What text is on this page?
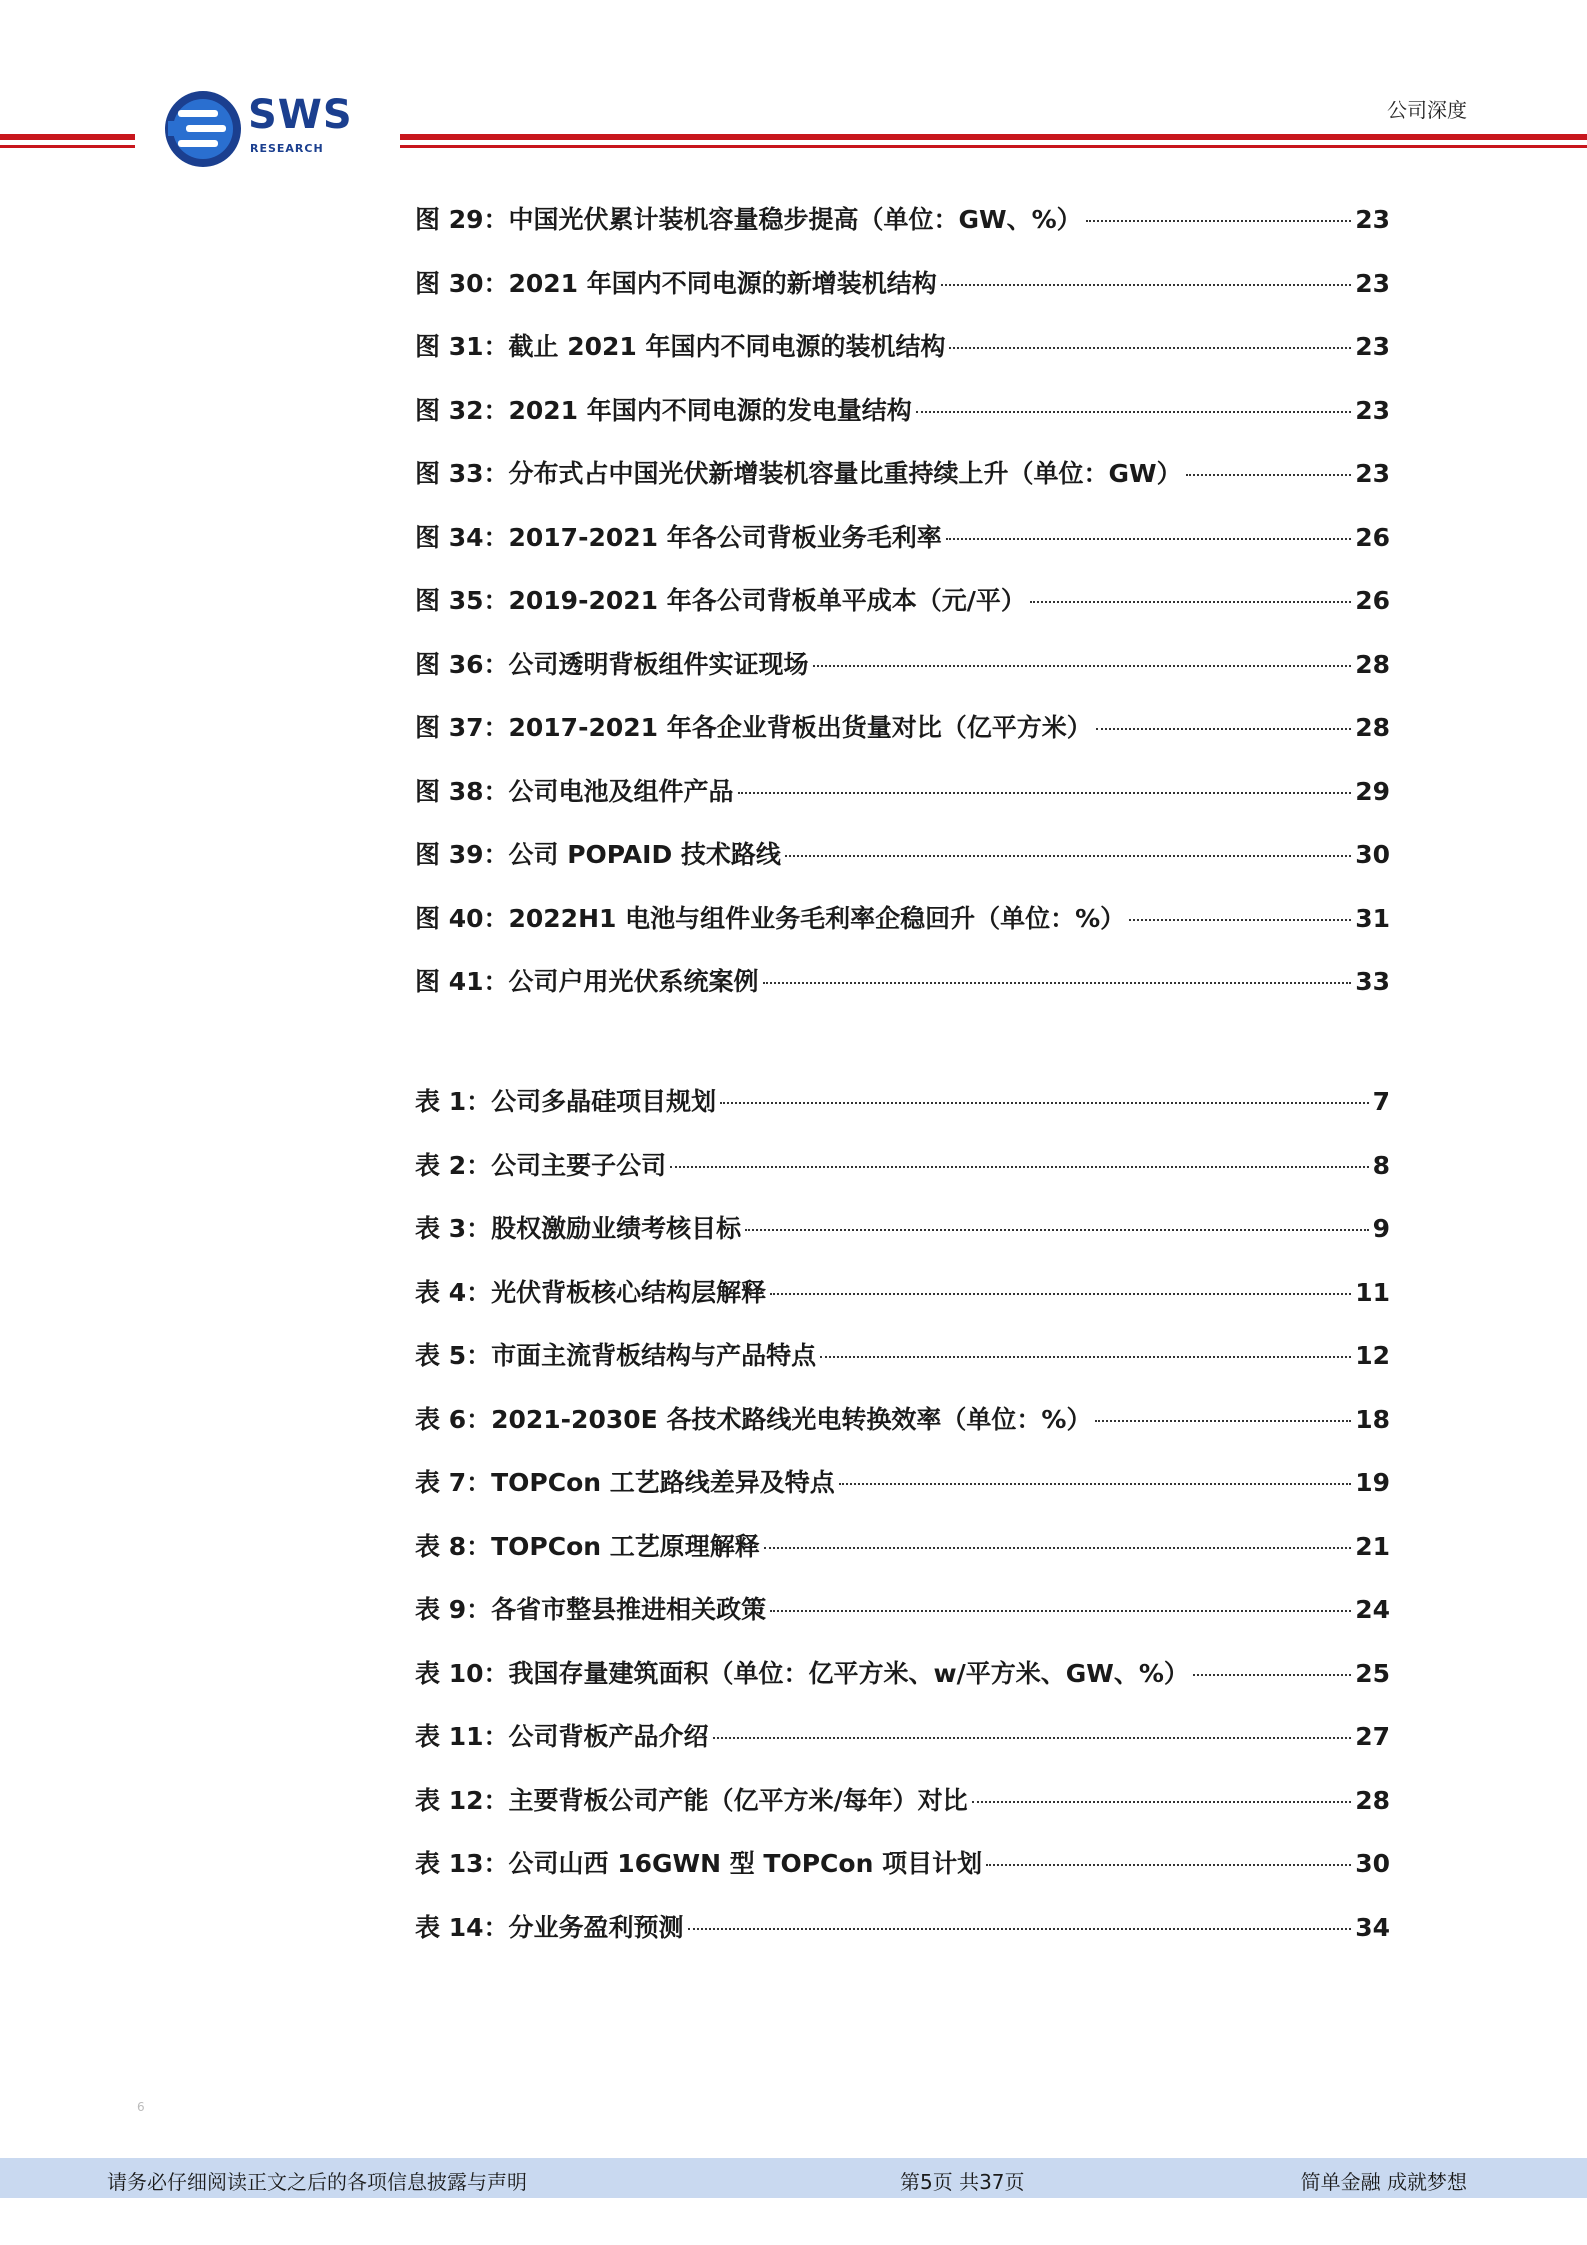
SWS
RESEARCH
公司深度
图 29：中国光伏累计装机容量稳步提高（单位：GW、%）	23
图 30：2021 年国内不同电源的新增装机结构	23
图 31：截止 2021 年国内不同电源的装机结构	23
图 32：2021 年国内不同电源的发电量结构	23
图 33：分布式占中国光伏新增装机容量比重持续上升（单位：GW）	23
图 34：2017-2021 年各公司背板业务毛利率	26
图 35：2019-2021 年各公司背板单平成本（元/平）	26
图 36：公司透明背板组件实证现场	28
图 37：2017-2021 年各企业背板出货量对比（亿平方米）	28
图 38：公司电池及组件产品	29
图 39：公司 POPAID 技术路线	30
图 40：2022H1 电池与组件业务毛利率企稳回升（单位：%）	31
图 41：公司户用光伏系统案例	33
表 1：公司多晶硅项目规划	7
表 2：公司主要子公司	8
表 3：股权激励业绩考核目标	9
表 4：光伏背板核心结构层解释	11
表 5：市面主流背板结构与产品特点	12
表 6：2021-2030E 各技术路线光电转换效率（单位：%）	18
表 7：TOPCon 工艺路线差异及特点	19
表 8：TOPCon 工艺原理解释	21
表 9：各省市整县推进相关政策	24
表 10：我国存量建筑面积（单位：亿平方米、w/平方米、GW、%）	25
表 11：公司背板产品介绍	27
表 12：主要背板公司产能（亿平方米/每年）对比	28
表 13：公司山西 16GWN 型 TOPCon 项目计划	30
表 14：分业务盈利预测	34
6
请务必仔细阅读正文之后的各项信息披露与声明	第5页 共37页	简单金融 成就梦想
